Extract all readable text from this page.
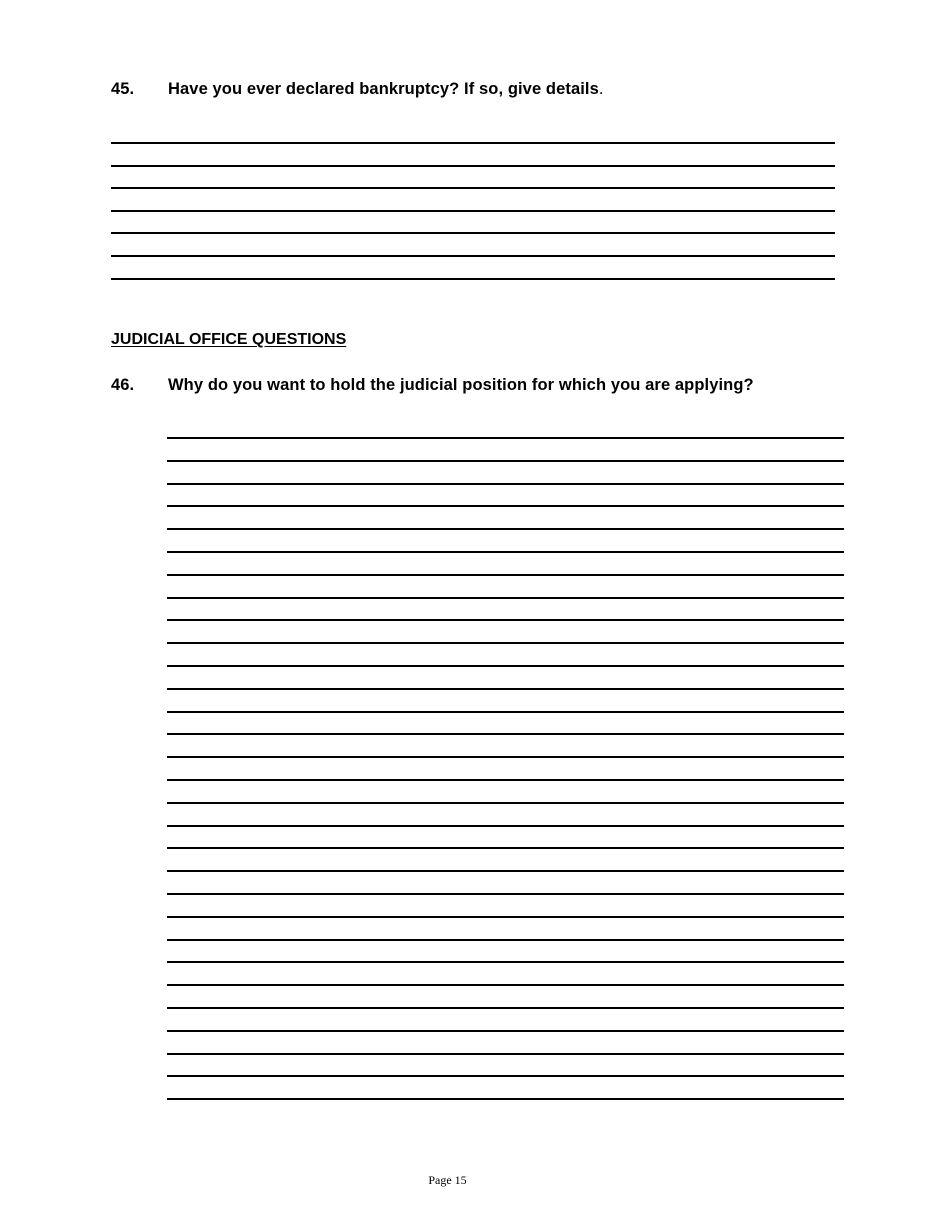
45. Have you ever declared bankruptcy? If so, give details.
JUDICIAL OFFICE QUESTIONS
46. Why do you want to hold the judicial position for which you are applying?
Page 15
